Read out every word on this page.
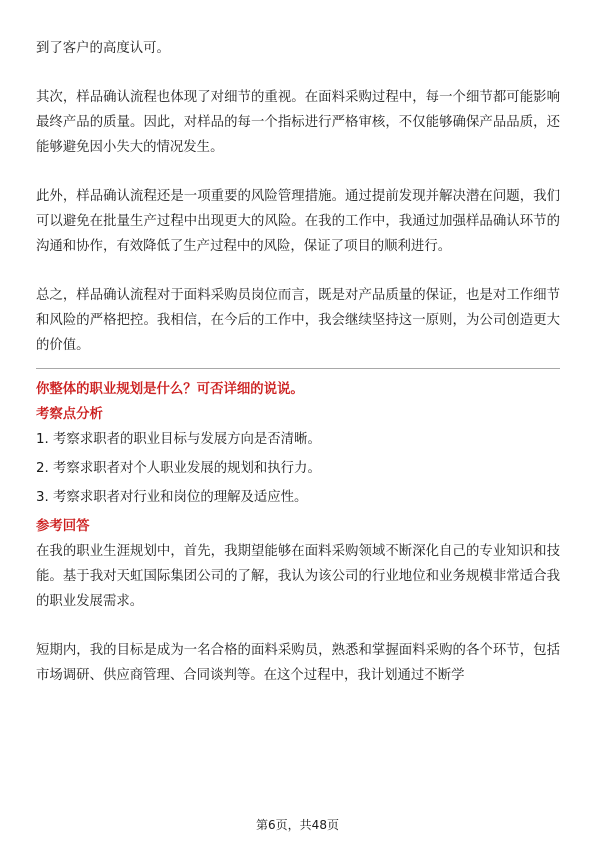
到了客户的高度认可。

其次，样品确认流程也体现了对细节的重视。在面料采购过程中，每一个细节都可能影响最终产品的质量。因此，对样品的每一个指标进行严格审核，不仅能够确保产品品质，还能够避免因小失大的情况发生。

此外，样品确认流程还是一项重要的风险管理措施。通过提前发现并解决潜在问题，我们可以避免在批量生产过程中出现更大的风险。在我的工作中，我通过加强样品确认环节的沟通和协作，有效降低了生产过程中的风险，保证了项目的顺利进行。

总之，样品确认流程对于面料采购员岗位而言，既是对产品质量的保证，也是对工作细节和风险的严格把控。我相信，在今后的工作中，我会继续坚持这一原则，为公司创造更大的价值。

你整体的职业规划是什么？可否详细的说说。

考察点分析

1. 考察求职者的职业目标与发展方向是否清晰。

2. 考察求职者对个人职业发展的规划和执行力。

3. 考察求职者对行业和岗位的理解及适应性。

参考回答

在我的职业生涯规划中，首先，我期望能够在面料采购领域不断深化自己的专业知识和技能。基于我对天虹国际集团公司的了解，我认为该公司的行业地位和业务规模非常适合我的职业发展需求。

短期内，我的目标是成为一名合格的面料采购员，熟悉和掌握面料采购的各个环节，包括市场调研、供应商管理、合同谈判等。在这个过程中，我计划通过不断学

第6页，共48页
